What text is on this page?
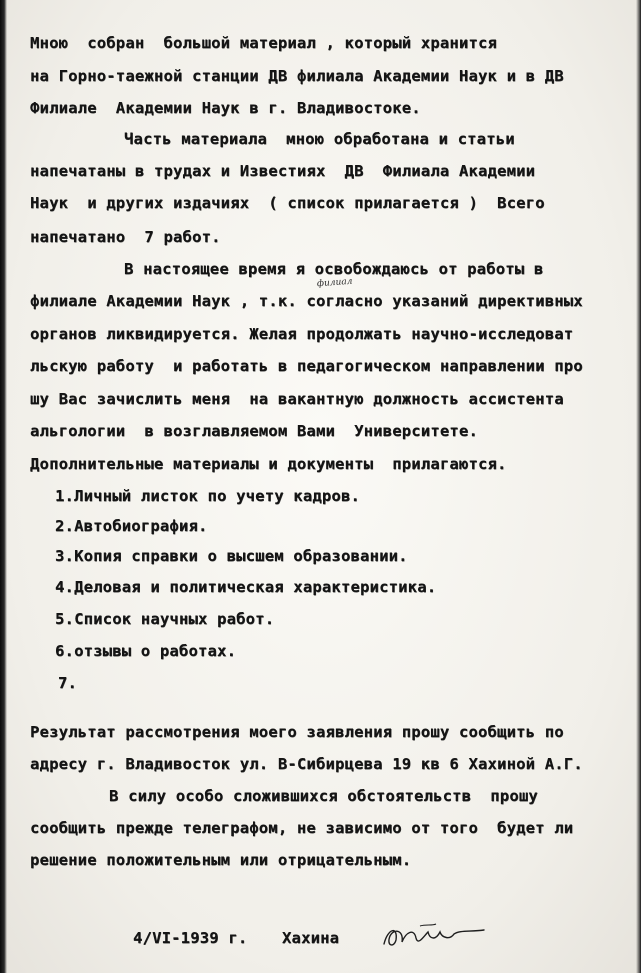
Мною  собран  большой материал , который хранится
на Горно-таежной станции ДВ филиала Академии Наук и в ДВ
Филиале  Академии Наук в г. Владивостоке.
Часть материала  мною обработана и статьи
напечатаны в трудах и Известиях  ДВ  Филиала Академии
Наук  и других издачиях  ( список прилагается )  Всего
напечатано  7 работ.
В настоящее время я освобождаюсь от работы в
филиал
филиале Академии Наук , т.к. согласно указаний директивных
органов ликвидируется. Желая продолжать научно-исследоват
льскую работу  и работать в педагогическом направлении про
шу Вас зачислить меня  на вакантную должность ассистента
альгологии  в возглавляемом Вами  Университете.
Дополнительные материалы и документы  прилагаются.
1.Личный листок по учету кадров.
2.Автобиография.
3.Копия справки о высшем образовании.
4.Деловая и политическая характеристика.
5.Список научных работ.
6.отзывы о работах.
7.
Результат рассмотрения моего заявления прошу сообщить по
адресу г. Владивосток ул. В-Сибирцева 19 кв 6 Хахиной А.Г.
В силу особо сложившихся обстоятельств  прошу
сообщить прежде телеграфом, не зависимо от того  будет ли
решение положительным или отрицательным.
4/VI-1939 г. Хахина
